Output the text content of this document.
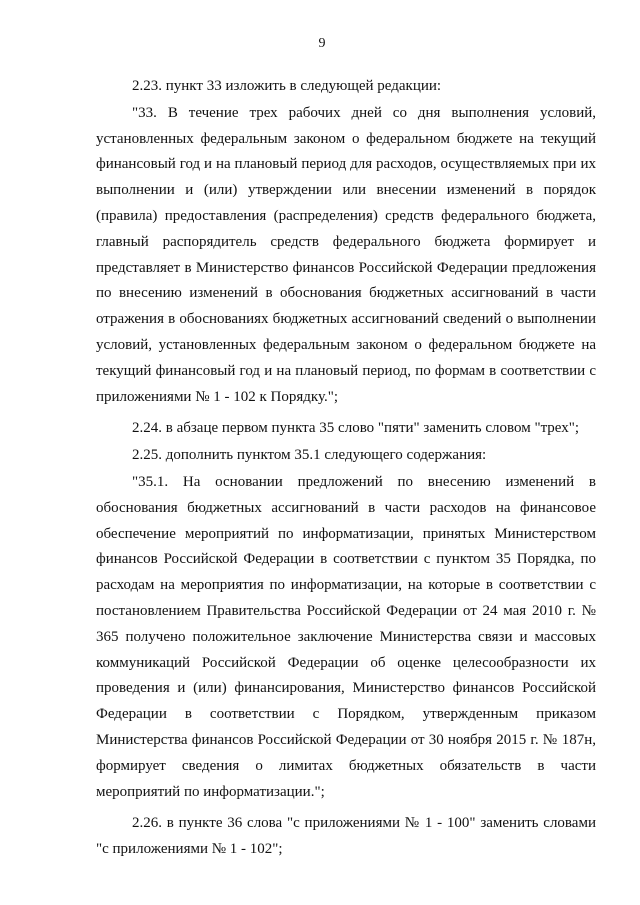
9

2.23. пункт 33 изложить в следующей редакции:

"33. В течение трех рабочих дней со дня выполнения условий, установленных федеральным законом о федеральном бюджете на текущий финансовый год и на плановый период для расходов, осуществляемых при их выполнении и (или) утверждении или внесении изменений в порядок (правила) предоставления (распределения) средств федерального бюджета, главный распорядитель средств федерального бюджета формирует и представляет в Министерство финансов Российской Федерации предложения по внесению изменений в обоснования бюджетных ассигнований в части отражения в обоснованиях бюджетных ассигнований сведений о выполнении условий, установленных федеральным законом о федеральном бюджете на текущий финансовый год и на плановый период, по формам в соответствии с приложениями № 1 - 102 к Порядку.";

2.24. в абзаце первом пункта 35 слово "пяти" заменить словом "трех";

2.25. дополнить пунктом 35.1 следующего содержания:

"35.1. На основании предложений по внесению изменений в обоснования бюджетных ассигнований в части расходов на финансовое обеспечение мероприятий по информатизации, принятых Министерством финансов Российской Федерации в соответствии с пунктом 35 Порядка, по расходам на мероприятия по информатизации, на которые в соответствии с постановлением Правительства Российской Федерации от 24 мая 2010 г. № 365 получено положительное заключение Министерства связи и массовых коммуникаций Российской Федерации об оценке целесообразности их проведения и (или) финансирования, Министерство финансов Российской Федерации в соответствии с Порядком, утвержденным приказом Министерства финансов Российской Федерации от 30 ноября 2015 г. № 187н, формирует сведения о лимитах бюджетных обязательств в части мероприятий по информатизации.";

2.26. в пункте 36 слова "с приложениями № 1 - 100" заменить словами "с приложениями № 1 - 102";
